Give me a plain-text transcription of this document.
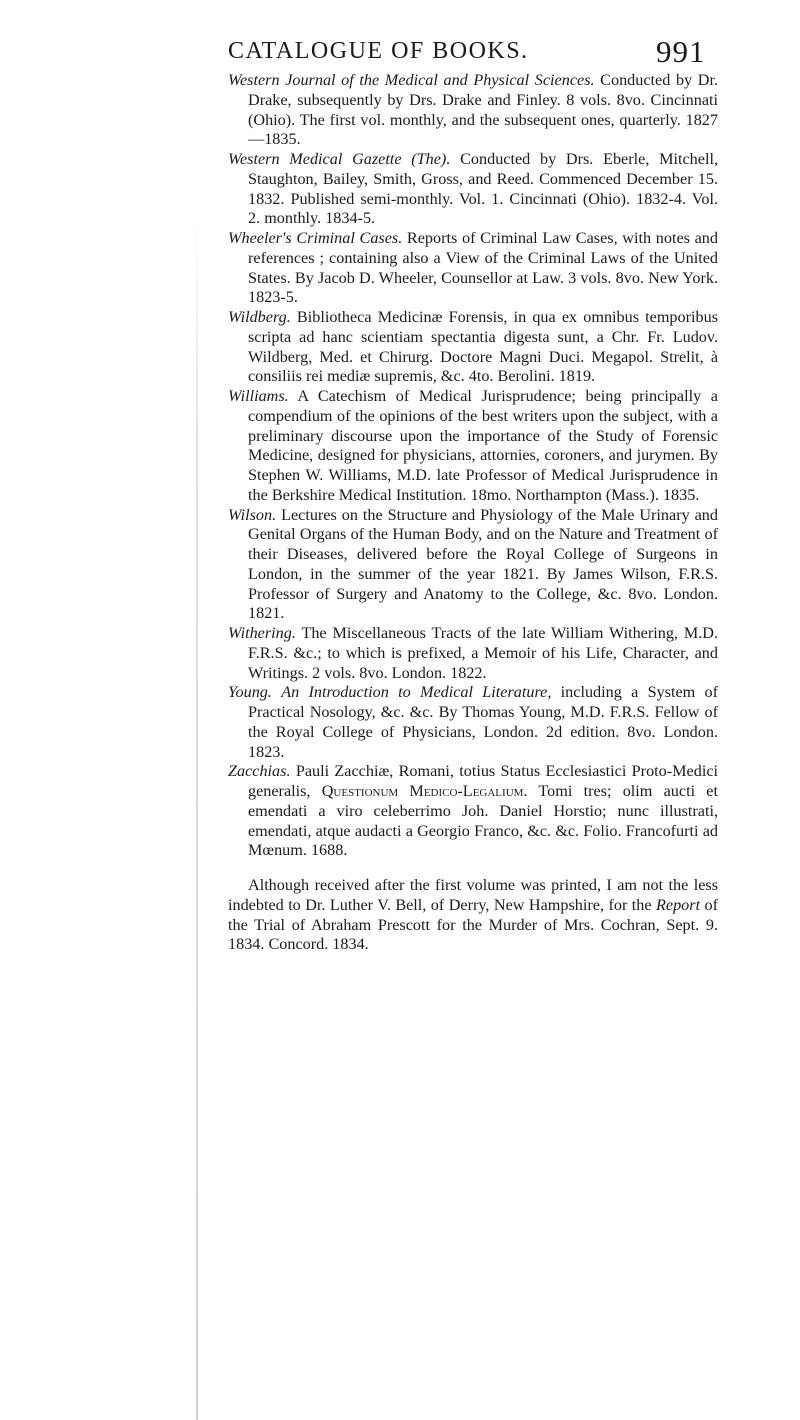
CATALOGUE OF BOOKS.	991

Western Journal of the Medical and Physical Sciences. Conducted by Dr. Drake, subsequently by Drs. Drake and Finley. 8 vols. 8vo. Cincinnati (Ohio). The first vol. monthly, and the subsequent ones, quarterly. 1827—1835.

Western Medical Gazette (The). Conducted by Drs. Eberle, Mitchell, Staughton, Bailey, Smith, Gross, and Reed. Commenced December 15. 1832. Published semi-monthly. Vol. 1. Cincinnati (Ohio). 1832-4. Vol. 2. monthly. 1834-5.

Wheeler's Criminal Cases. Reports of Criminal Law Cases, with notes and references ; containing also a View of the Criminal Laws of the United States. By Jacob D. Wheeler, Counsellor at Law. 3 vols. 8vo. New York. 1823-5.

Wildberg. Bibliotheca Medicinæ Forensis, in qua ex omnibus temporibus scripta ad hanc scientiam spectantia digesta sunt, a Chr. Fr. Ludov. Wildberg, Med. et Chirurg. Doctore Magni Duci. Megapol. Strelit, à consiliis rei mediæ supremis, &c. 4to. Berolini. 1819.

Williams. A Catechism of Medical Jurisprudence; being principally a compendium of the opinions of the best writers upon the subject, with a preliminary discourse upon the importance of the Study of Forensic Medicine, designed for physicians, attornies, coroners, and jurymen. By Stephen W. Williams, M.D. late Professor of Medical Jurisprudence in the Berkshire Medical Institution. 18mo. Northampton (Mass.). 1835.

Wilson. Lectures on the Structure and Physiology of the Male Urinary and Genital Organs of the Human Body, and on the Nature and Treatment of their Diseases, delivered before the Royal College of Surgeons in London, in the summer of the year 1821. By James Wilson, F.R.S. Professor of Surgery and Anatomy to the College, &c. 8vo. London. 1821.

Withering. The Miscellaneous Tracts of the late William Withering, M.D. F.R.S. &c.; to which is prefixed, a Memoir of his Life, Character, and Writings. 2 vols. 8vo. London. 1822.

Young. An Introduction to Medical Literature, including a System of Practical Nosology, &c. &c. By Thomas Young, M.D. F.R.S. Fellow of the Royal College of Physicians, London. 2d edition. 8vo. London. 1823.

Zacchias. Pauli Zacchiæ, Romani, totius Status Ecclesiastici Proto-Medici generalis, Questionum Medico-Legalium. Tomi tres; olim aucti et emendati a viro celeberrimo Joh. Daniel Horstio; nunc illustrati, emendati, atque audacti a Georgio Franco, &c. &c. Folio. Francofurti ad Mœnum. 1688.

Although received after the first volume was printed, I am not the less indebted to Dr. Luther V. Bell, of Derry, New Hampshire, for the Report of the Trial of Abraham Prescott for the Murder of Mrs. Cochran, Sept. 9. 1834. Concord. 1834.
